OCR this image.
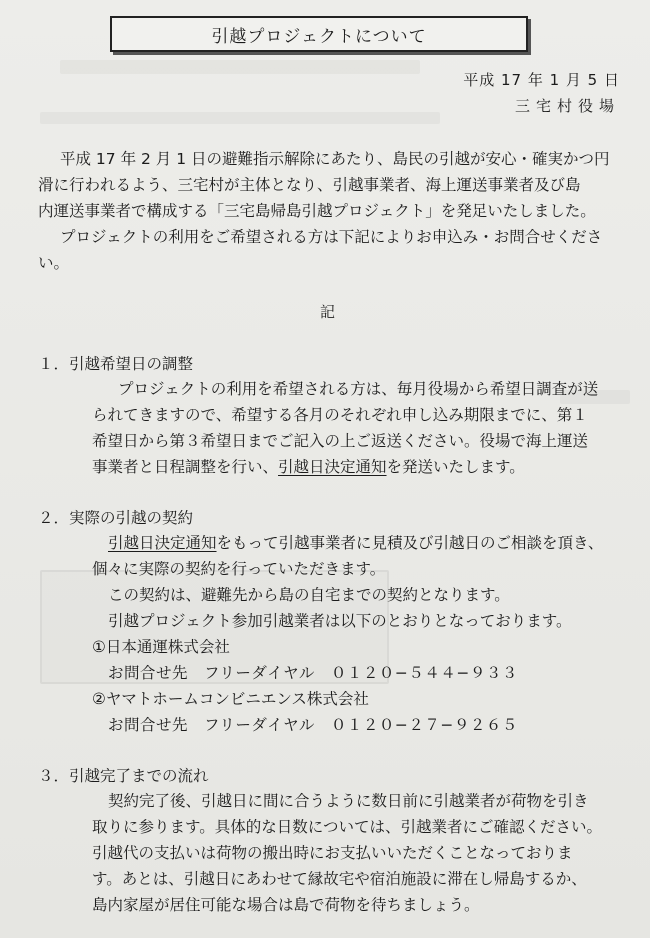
引越プロジェクトについて
平成 17 年 1 月 5 日
三宅村役場
平成 17 年 2 月 1 日の避難指示解除にあたり、島民の引越が安心・確実かつ円
滑に行われるよう、三宅村が主体となり、引越事業者、海上運送事業者及び島
内運送事業者で構成する「三宅島帰島引越プロジェクト」を発足いたしました。
プロジェクトの利用をご希望される方は下記によりお申込み・お問合せくださ
い。
記
１．引越希望日の調整
プロジェクトの利用を希望される方は、毎月役場から希望日調査が送
られてきますので、希望する各月のそれぞれ申し込み期限までに、第１
希望日から第３希望日までご記入の上ご返送ください。役場で海上運送
事業者と日程調整を行い、引越日決定通知を発送いたします。
２．実際の引越の契約
引越日決定通知をもって引越事業者に見積及び引越日のご相談を頂き、
個々に実際の契約を行っていただきます。
この契約は、避難先から島の自宅までの契約となります。
引越プロジェクト参加引越業者は以下のとおりとなっております。
①日本通運株式会社
お問合せ先　フリーダイヤル　０１２０−５４４−９３３
②ヤマトホームコンビニエンス株式会社
お問合せ先　フリーダイヤル　０１２０−２７−９２６５
３．引越完了までの流れ
契約完了後、引越日に間に合うように数日前に引越業者が荷物を引き
取りに参ります。具体的な日数については、引越業者にご確認ください。
引越代の支払いは荷物の搬出時にお支払いいただくことなっておりま
す。あとは、引越日にあわせて縁故宅や宿泊施設に滞在し帰島するか、
島内家屋が居住可能な場合は島で荷物を待ちましょう。
